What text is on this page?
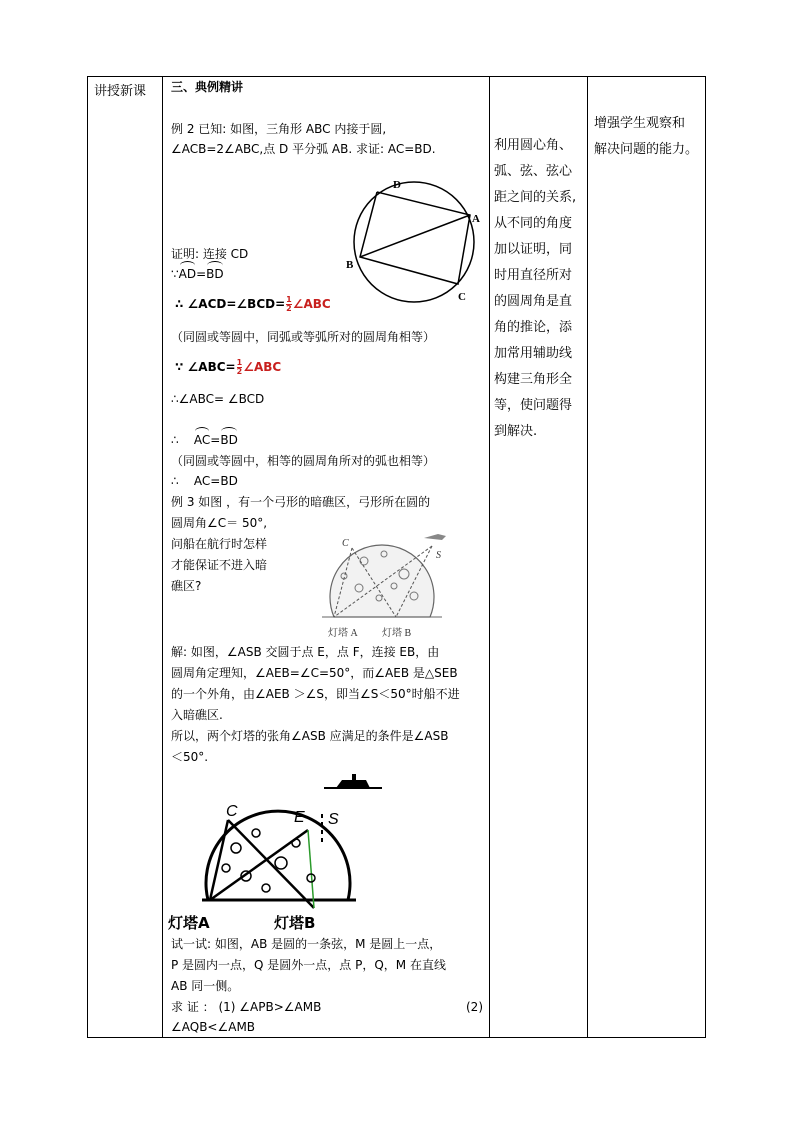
讲授新课 三、典例精讲
例 2 已知: 如图，三角形 ABC 内接于圆,
∠ACB=2∠ABC,点 D 平分弧 AB. 求证: AC=BD.
D
A
B
C
证明: 连接 CD
∵AD=BD
∴ ∠ACD=∠BCD= $\frac{1}{2}$ ∠ABC
（同圆或等圆中，同弧或等弧所对的圆周角相等）
∵ ∠ABC= $\frac{1}{2}$ ∠ABC
∴∠ABC= ∠BCD
∴ AC=BD
（同圆或等圆中，相等的圆周角所对的弧也相等）
∴ AC=BD
例 3 如图 ，有一个弓形的暗礁区，弓形所在圆的
圆周角∠C＝ 50°,
问船在航行时怎样
才能保证不进入暗
礁区?
C
S
灯塔 A 灯塔 B
解: 如图，∠ASB 交圆于点 E，点 F，连接 EB，由
圆周角定理知，∠AEB=∠C=50°，而∠AEB 是△SEB
的一个外角，由∠AEB ＞∠S，即当∠S＜50°时船不进
入暗礁区.
所以，两个灯塔的张角∠ASB 应满足的条件是∠ASB
＜50°.
C	E S
灯塔A	灯塔B
试一试: 如图，AB 是圆的一条弦，M 是圆上一点，
P 是圆内一点，Q 是圆外一点，点 P，Q，M 在直线
AB 同一侧。
求 证 ： (1) ∠APB>∠AMB	(2)
∠AQB<∠AMB
利用圆心角、
弧、弦、弦心
距之间的关系,
从不同的角度
加以证明，同
时用直径所对
的圆周角是直
角的推论，添
加常用辅助线
构建三角形全
等，使问题得
到解决.
增强学生观察和
解决问题的能力。
